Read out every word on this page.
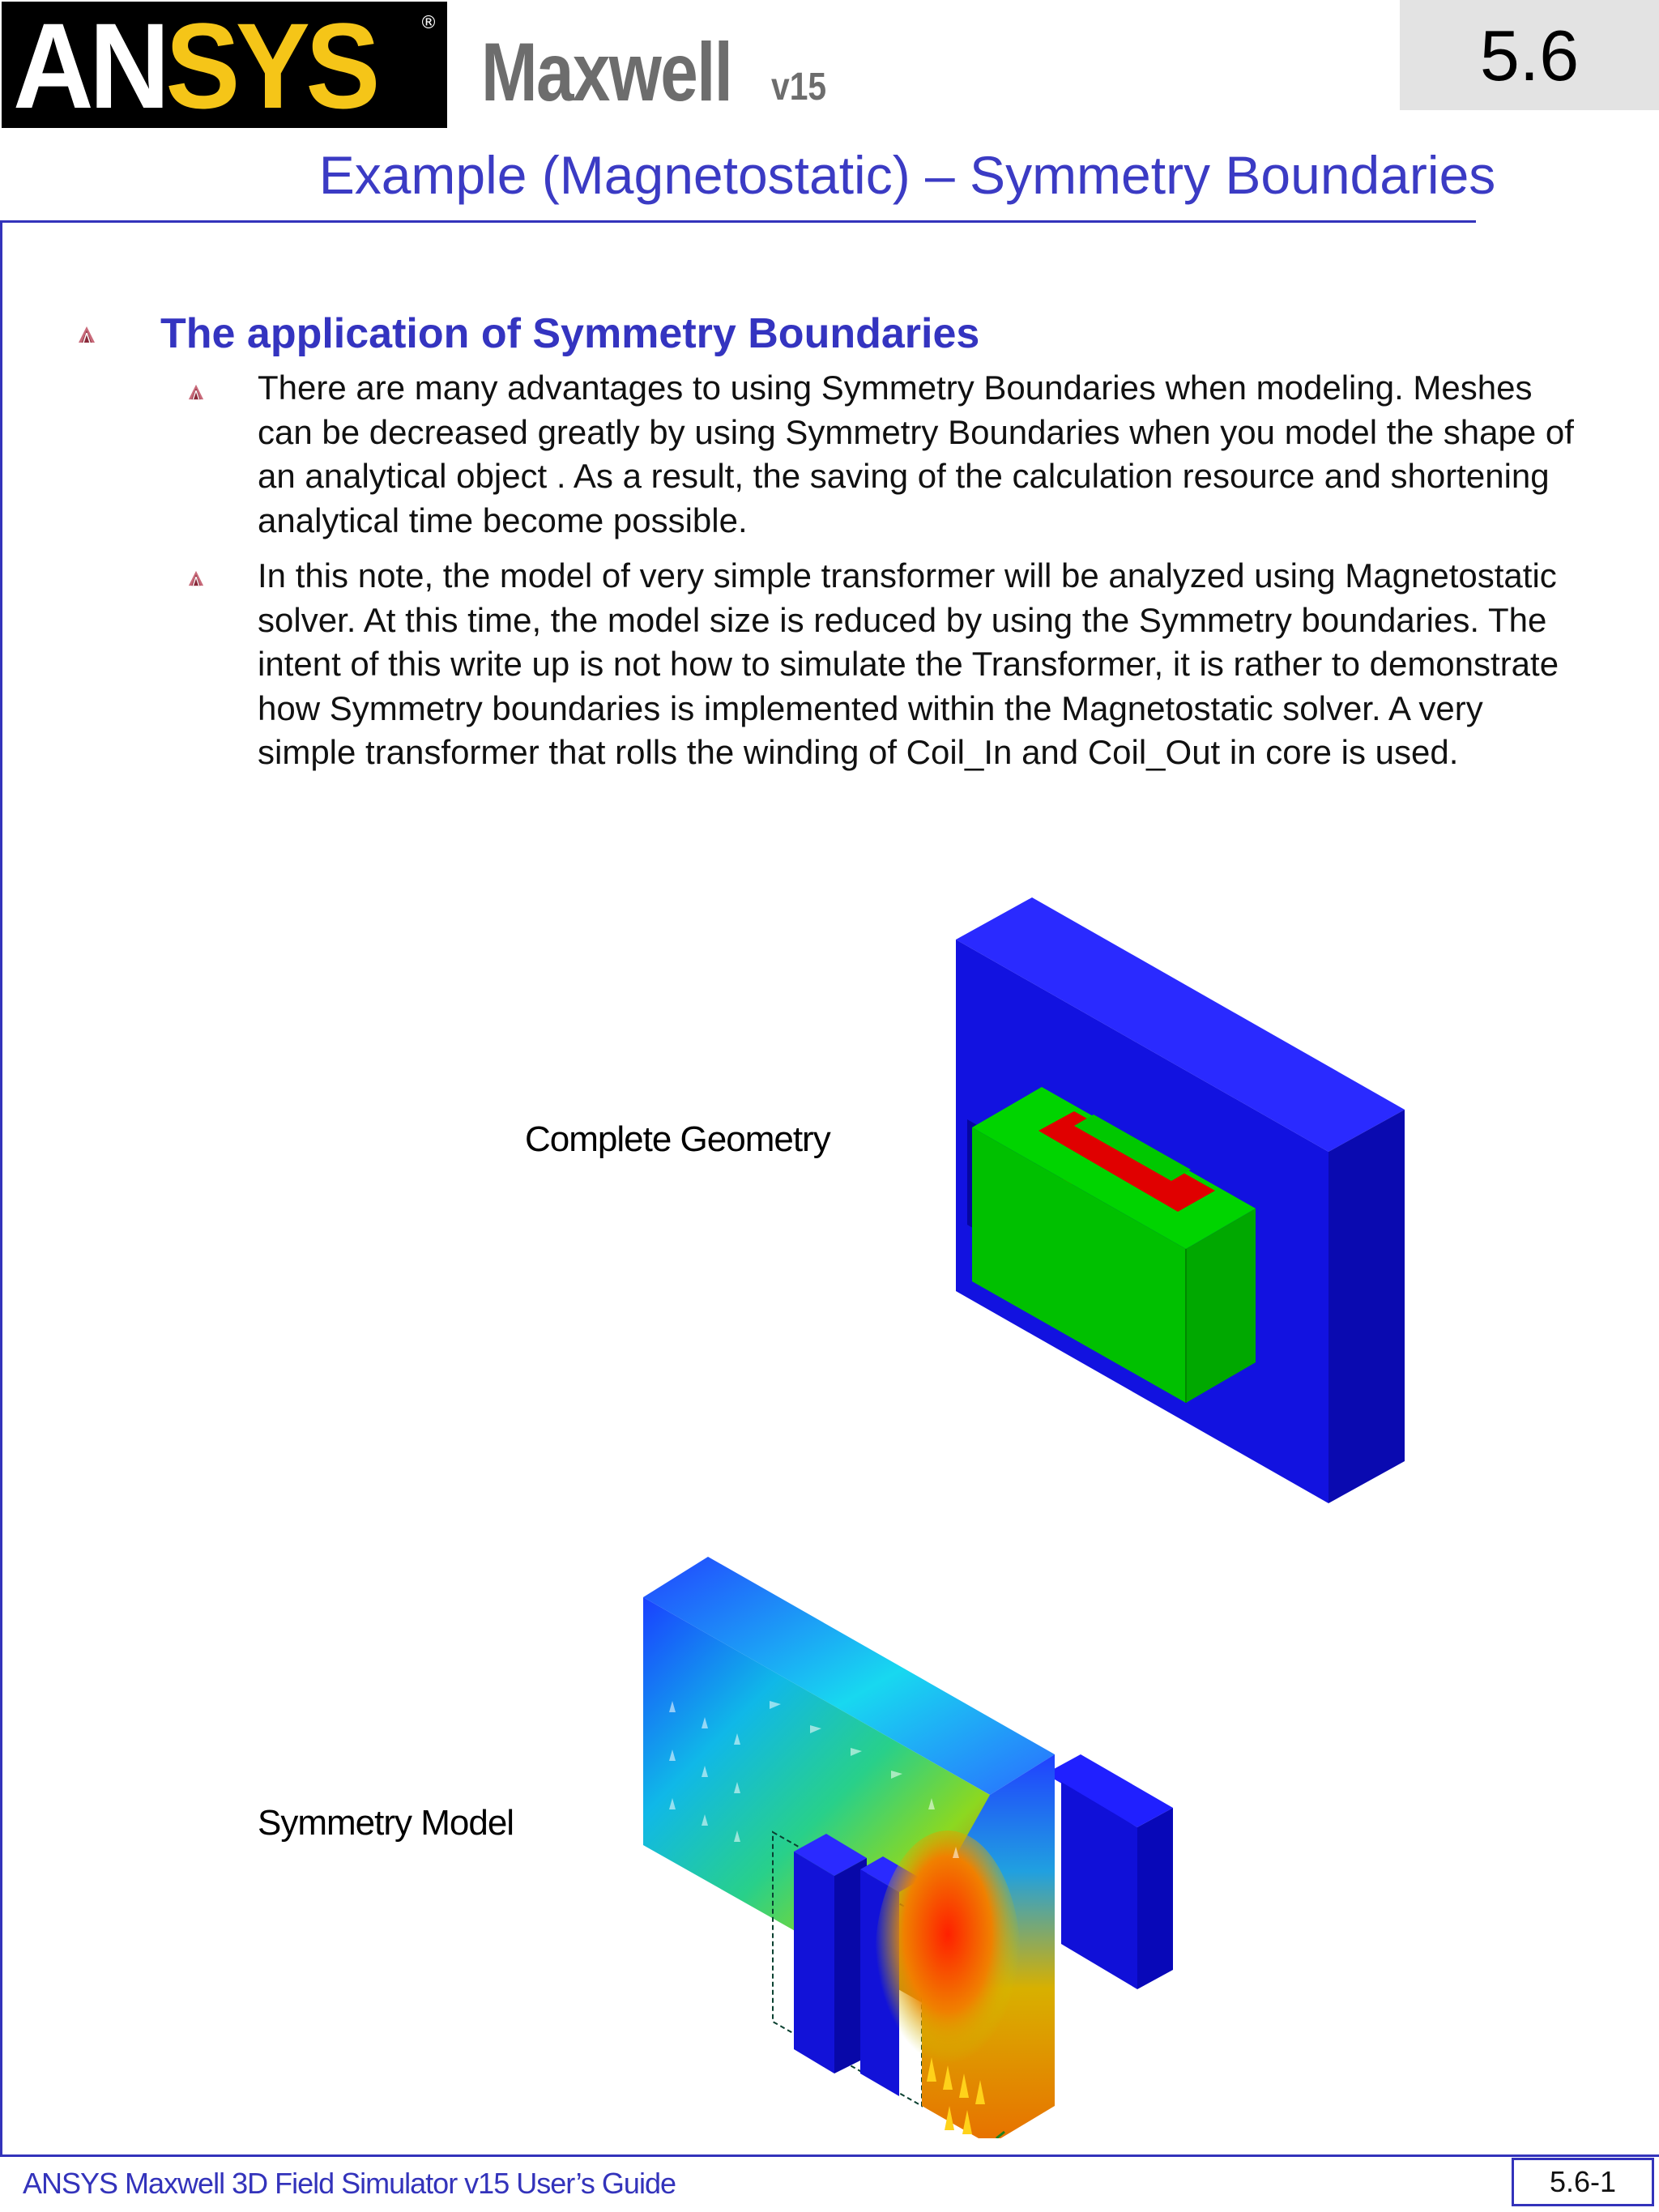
ANSYS ®
Maxwell v15	5.6
Example (Magnetostatic) – Symmetry Boundaries
The application of Symmetry Boundaries
There are many advantages to using Symmetry Boundaries when modeling. Meshes can be decreased greatly by using Symmetry Boundaries when you model the shape of an analytical object . As a result, the saving of the calculation resource and shortening analytical time become possible.
In this note, the model of very simple transformer will be analyzed using Magnetostatic solver. At this time, the model size is reduced by using the Symmetry boundaries. The intent of this write up is not how to simulate the Transformer, it is rather to demonstrate how Symmetry boundaries is implemented within the Magnetostatic solver. A very simple transformer that rolls the winding of Coil_In and Coil_Out in core is used.
Complete Geometry
Symmetry Model
ANSYS Maxwell 3D Field Simulator v15 User’s Guide	5.6-1
